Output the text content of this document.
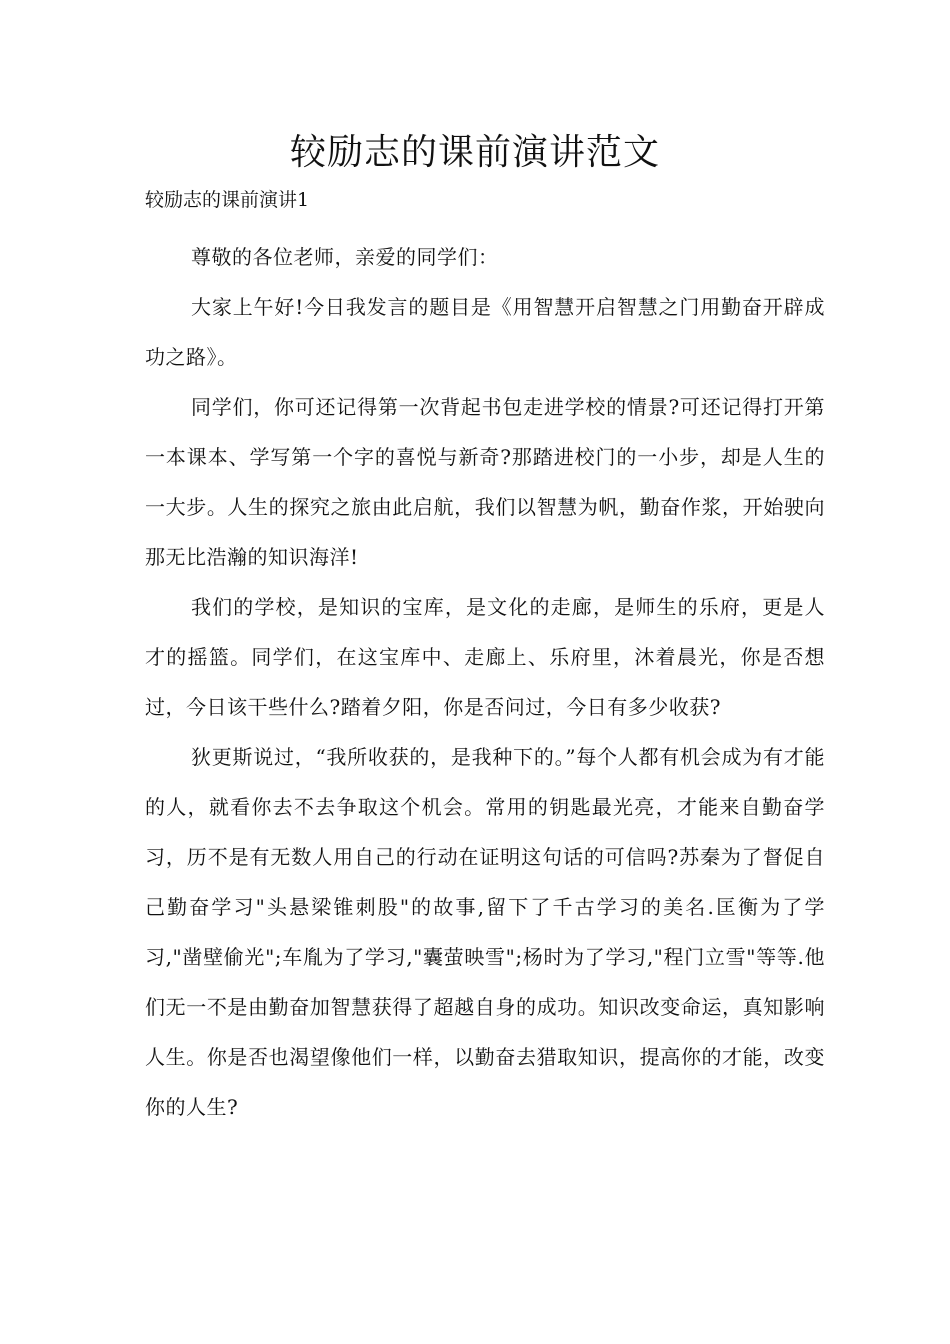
较励志的课前演讲范文

较励志的课前演讲1

尊敬的各位老师，亲爱的同学们：

大家上午好!今日我发言的题目是《用智慧开启智慧之门用勤奋开辟成功之路》。

同学们，你可还记得第一次背起书包走进学校的情景?可还记得打开第一本课本、学写第一个字的喜悦与新奇?那踏进校门的一小步，却是人生的一大步。人生的探究之旅由此启航，我们以智慧为帆，勤奋作浆，开始驶向那无比浩瀚的知识海洋!

我们的学校，是知识的宝库，是文化的走廊，是师生的乐府，更是人才的摇篮。同学们，在这宝库中、走廊上、乐府里，沐着晨光，你是否想过，今日该干些什么?踏着夕阳，你是否问过，今日有多少收获?

狄更斯说过，“我所收获的，是我种下的。”每个人都有机会成为有才能的人，就看你去不去争取这个机会。常用的钥匙最光亮，才能来自勤奋学习，历不是有无数人用自己的行动在证明这句话的可信吗?苏秦为了督促自己勤奋学习"头悬梁锥刺股"的故事,留下了千古学习的美名.匡衡为了学习,"凿壁偷光";车胤为了学习,"囊萤映雪";杨时为了学习,"程门立雪"等等.他们无一不是由勤奋加智慧获得了超越自身的成功。知识改变命运，真知影响人生。你是否也渴望像他们一样，以勤奋去猎取知识，提高你的才能，改变你的人生?
